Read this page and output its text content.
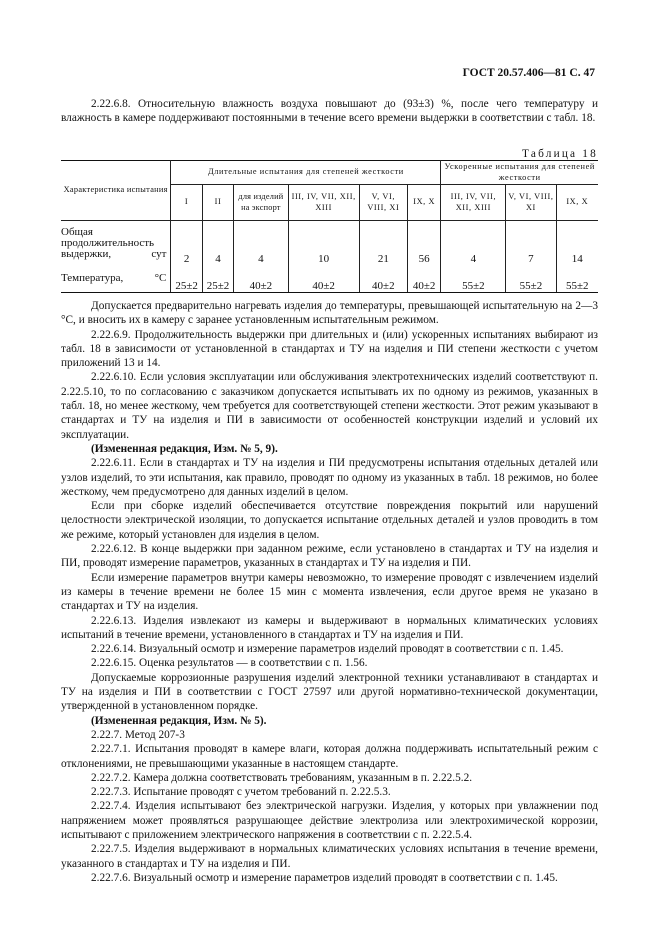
ГОСТ 20.57.406—81 С. 47

2.22.6.8. Относительную влажность воздуха повышают до (93±3) %, после чего температуру и влажность в камере поддерживают постоянными в течение всего времени выдержки в соответствии с табл. 18.

Таблица 18
Характеристика испытания	Длительные испытания для степеней жесткости						Ускоренные испытания для степеней жесткости		
	I	II	для изделий на экспорт	III, IV, VII, XII, XIII	V, VI, VIII, XI	IX, X	III, IV, VII, XII, XIII	V, VI, VIII, XI	IX, X
Общая продолжительность выдержки, сут	2	4	4	10	21	56	4	7	14
Температура, °С	25±2	25±2	40±2	40±2	40±2	40±2	55±2	55±2	55±2

Допускается предварительно нагревать изделия до температуры, превышающей испытательную на 2—3 °С, и вносить их в камеру с заранее установленным испытательным режимом.

2.22.6.9. Продолжительность выдержки при длительных и (или) ускоренных испытаниях выбирают из табл. 18 в зависимости от установленной в стандартах и ТУ на изделия и ПИ степени жесткости с учетом приложений 13 и 14.

2.22.6.10. Если условия эксплуатации или обслуживания электротехнических изделий соответствуют п. 2.22.5.10, то по согласованию с заказчиком допускается испытывать их по одному из режимов, указанных в табл. 18, но менее жесткому, чем требуется для соответствующей степени жесткости. Этот режим указывают в стандартах и ТУ на изделия и ПИ в зависимости от особенностей конструкции изделий и условий их эксплуатации.

(Измененная редакция, Изм. № 5, 9).

2.22.6.11. Если в стандартах и ТУ на изделия и ПИ предусмотрены испытания отдельных деталей или узлов изделий, то эти испытания, как правило, проводят по одному из указанных в табл. 18 режимов, но более жесткому, чем предусмотрено для данных изделий в целом.

Если при сборке изделий обеспечивается отсутствие повреждения покрытий или нарушений целостности электрической изоляции, то допускается испытание отдельных деталей и узлов проводить в том же режиме, который установлен для изделия в целом.

2.22.6.12. В конце выдержки при заданном режиме, если установлено в стандартах и ТУ на изделия и ПИ, проводят измерение параметров, указанных в стандартах и ТУ на изделия и ПИ.

Если измерение параметров внутри камеры невозможно, то измерение проводят с извлечением изделий из камеры в течение времени не более 15 мин с момента извлечения, если другое время не указано в стандартах и ТУ на изделия.

2.22.6.13. Изделия извлекают из камеры и выдерживают в нормальных климатических условиях испытаний в течение времени, установленного в стандартах и ТУ на изделия и ПИ.

2.22.6.14. Визуальный осмотр и измерение параметров изделий проводят в соответствии с п. 1.45.

2.22.6.15. Оценка результатов — в соответствии с п. 1.56.

Допускаемые коррозионные разрушения изделий электронной техники устанавливают в стандартах и ТУ на изделия и ПИ в соответствии с ГОСТ 27597 или другой нормативно-технической документации, утвержденной в установленном порядке.

(Измененная редакция, Изм. № 5).

2.22.7. Метод 207-3

2.22.7.1. Испытания проводят в камере влаги, которая должна поддерживать испытательный режим с отклонениями, не превышающими указанные в настоящем стандарте.

2.22.7.2. Камера должна соответствовать требованиям, указанным в п. 2.22.5.2.

2.22.7.3. Испытание проводят с учетом требований п. 2.22.5.3.

2.22.7.4. Изделия испытывают без электрической нагрузки. Изделия, у которых при увлажнении под напряжением может проявляться разрушающее действие электролиза или электрохимической коррозии, испытывают с приложением электрического напряжения в соответствии с п. 2.22.5.4.

2.22.7.5. Изделия выдерживают в нормальных климатических условиях испытания в течение времени, указанного в стандартах и ТУ на изделия и ПИ.

2.22.7.6. Визуальный осмотр и измерение параметров изделий проводят в соответствии с п. 1.45.
